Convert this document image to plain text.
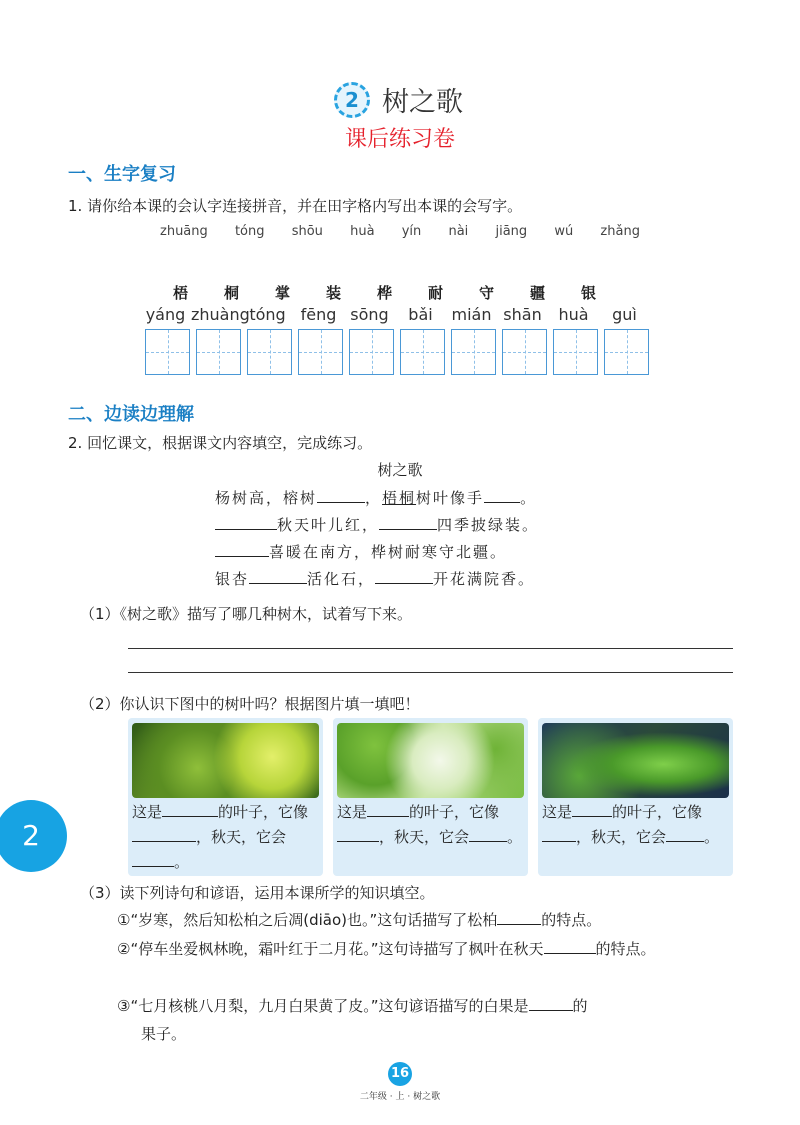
2 树之歌
课后练习卷
一、生字复习
1. 请你给本课的会认字连接拼音，并在田字格内写出本课的会写字。
zhuāng tóng shōu huà yín nài jiāng wú zhǎng
梧	桐	掌	装	桦	耐	守	疆	银
yáng zhuàng tóng fēng sōng	bǎi	mián shān	huà	guì
二、边读边理解
2. 回忆课文，根据课文内容填空，完成练习。
树之歌
杨树高，榕树	，梧桐树叶像手 。
秋天叶儿红，	四季披绿装。
喜暖在南方，桦树耐寒守北疆。
银杏	活化石，	开花满院香。
（1）《树之歌》描写了哪几种树木，试着写下来。
（2）你认识下图中的树叶吗？根据图片填一填吧！
这是	的叶子，它像，秋天，它会。
这是	的叶子，它像，秋天，它会	。
这是	的叶子，它像，秋天，它会	。
（3）读下列诗句和谚语，运用本课所学的知识填空。
①“岁寒，然后知松柏之后凋(diāo)也。”这句话描写了松柏	的特点。
②“停车坐爱枫林晚，霜叶红于二月花。”这句诗描写了枫叶在秋天	的特点。
③“七月核桃八月梨，九月白果黄了皮。”这句谚语描写的白果是	的
果子。
2
16
二年级 · 上 · 树之歌
